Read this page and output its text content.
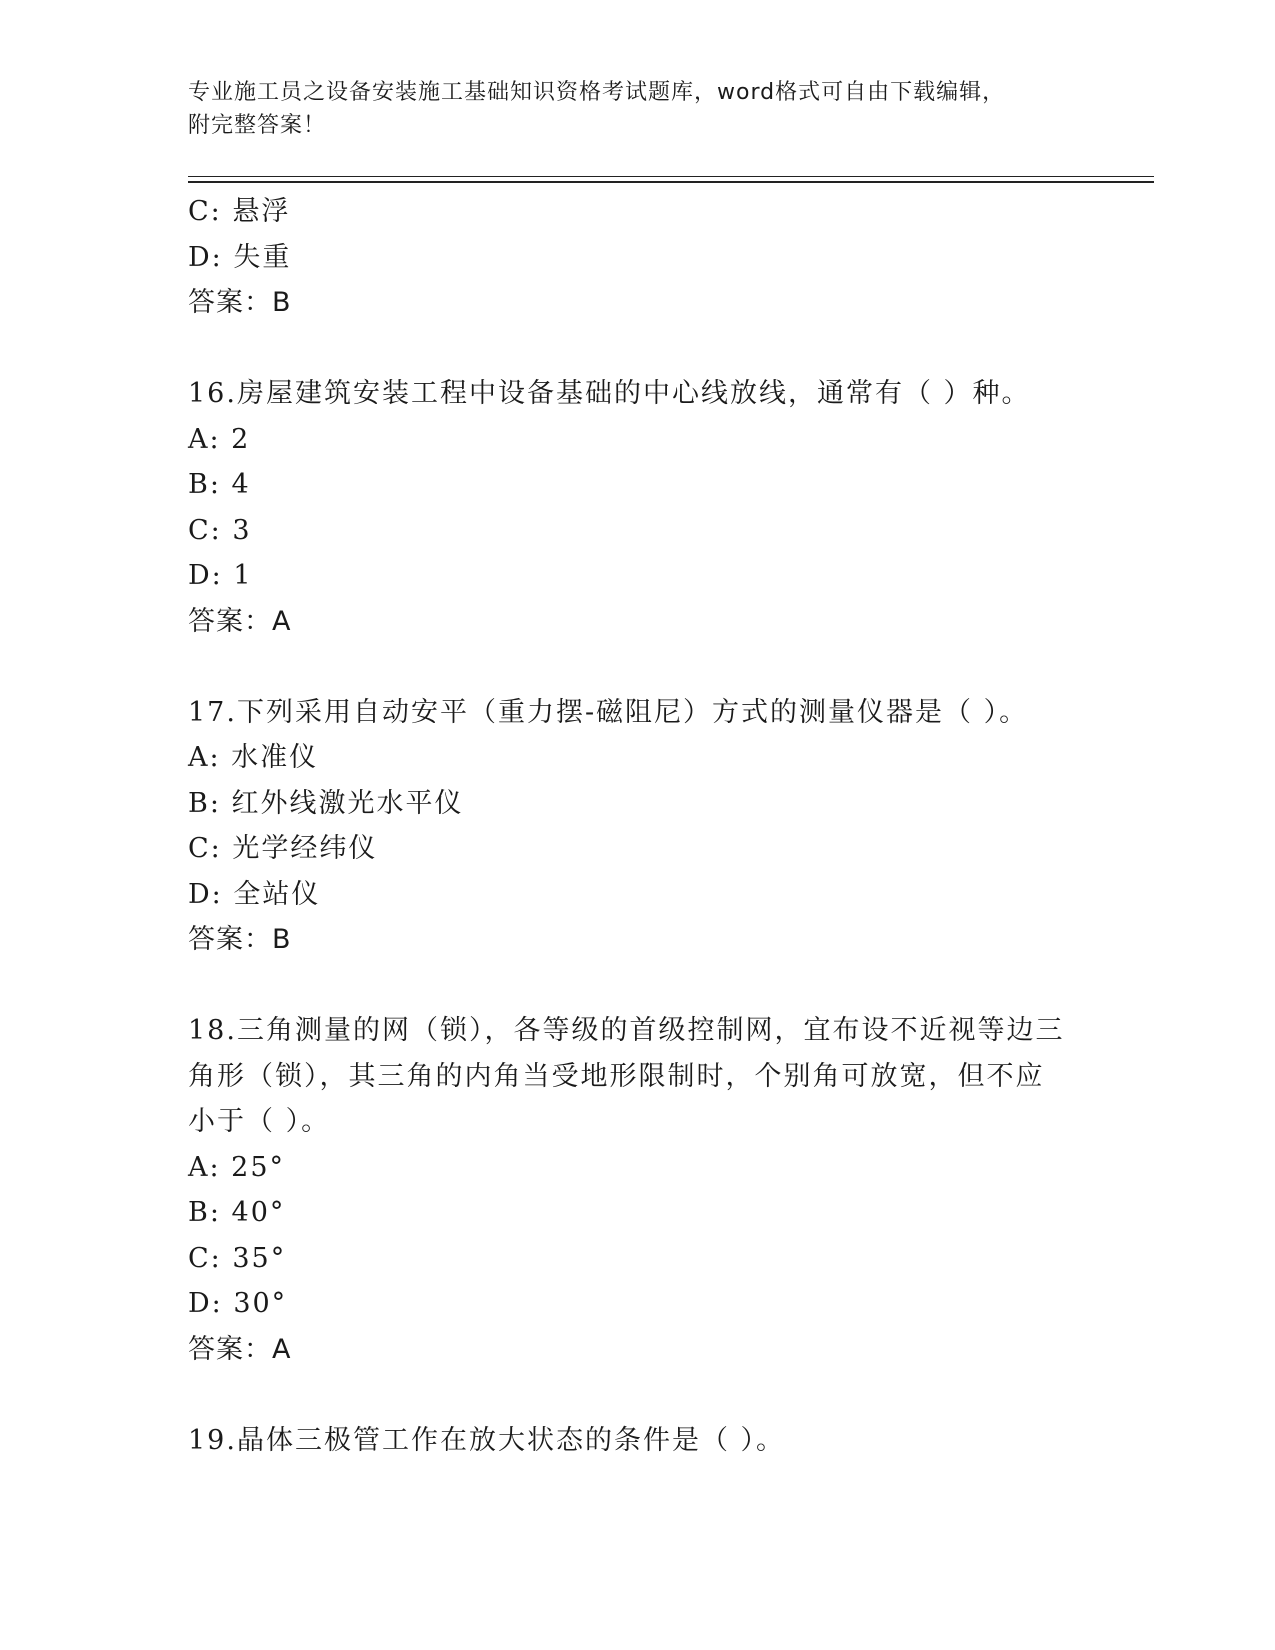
专业施工员之设备安装施工基础知识资格考试题库，word格式可自由下载编辑，
附完整答案！
C: 悬浮
D: 失重
答案：B
16.房屋建筑安装工程中设备基础的中心线放线，通常有（ ）种。
A: 2
B: 4
C: 3
D: 1
答案：A
17.下列采用自动安平（重力摆-磁阻尼）方式的测量仪器是（ ）。
A: 水准仪
B: 红外线激光水平仪
C: 光学经纬仪
D: 全站仪
答案：B
18.三角测量的网（锁），各等级的首级控制网，宜布设不近视等边三
角形（锁），其三角的内角当受地形限制时，个别角可放宽，但不应
小于（ ）。
A: 25°
B: 40°
C: 35°
D: 30°
答案：A
19.晶体三极管工作在放大状态的条件是（ ）。
